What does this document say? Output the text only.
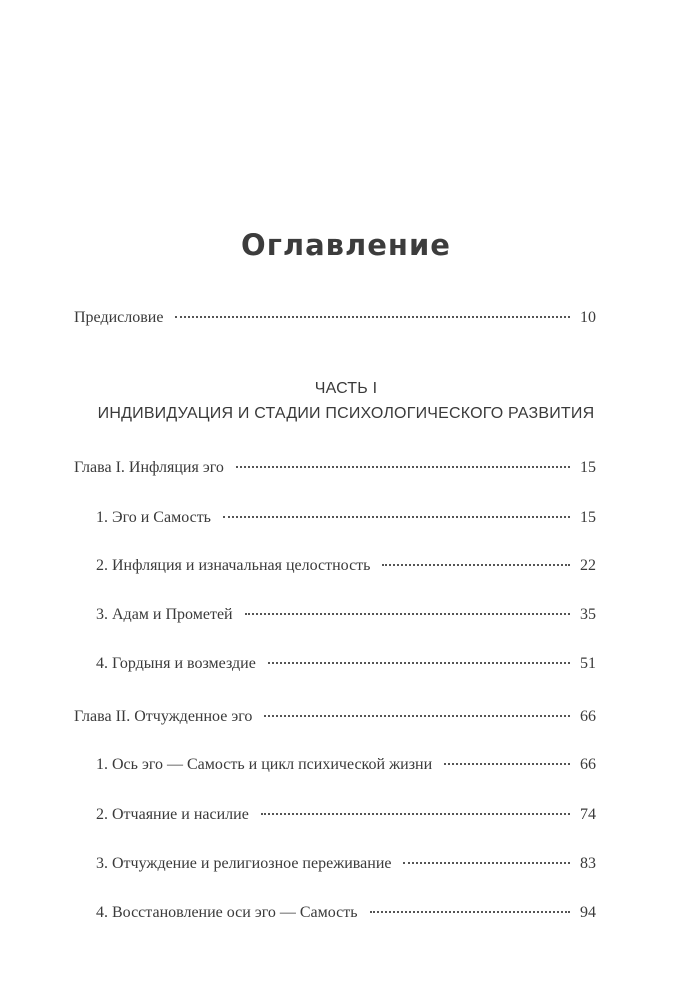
Оглавление
Предисловие	10
ЧАСТЬ I
ИНДИВИДУАЦИЯ И СТАДИИ ПСИХОЛОГИЧЕСКОГО РАЗВИТИЯ
Глава I. Инфляция эго	15
1. Эго и Самость	15
2. Инфляция и изначальная целостность	22
3. Адам и Прометей	35
4. Гордыня и возмездие	51
Глава II. Отчужденное эго	66
1. Ось эго — Самость и цикл психической жизни	66
2. Отчаяние и насилие	74
3. Отчуждение и религиозное переживание	83
4. Восстановление оси эго — Самость	94
